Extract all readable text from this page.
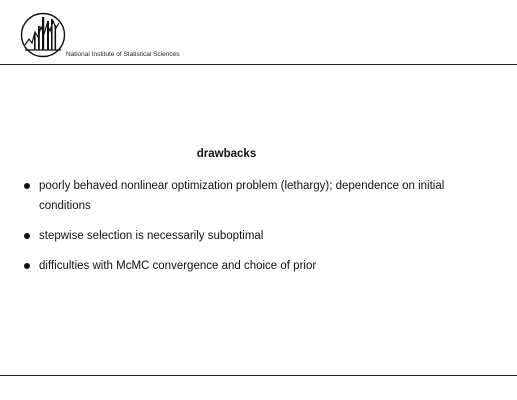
National Institute of Statistical Sciences
drawbacks
poorly behaved nonlinear optimization problem (lethargy); dependence on initial conditions
stepwise selection is necessarily suboptimal
difficulties with McMC convergence and choice of prior
